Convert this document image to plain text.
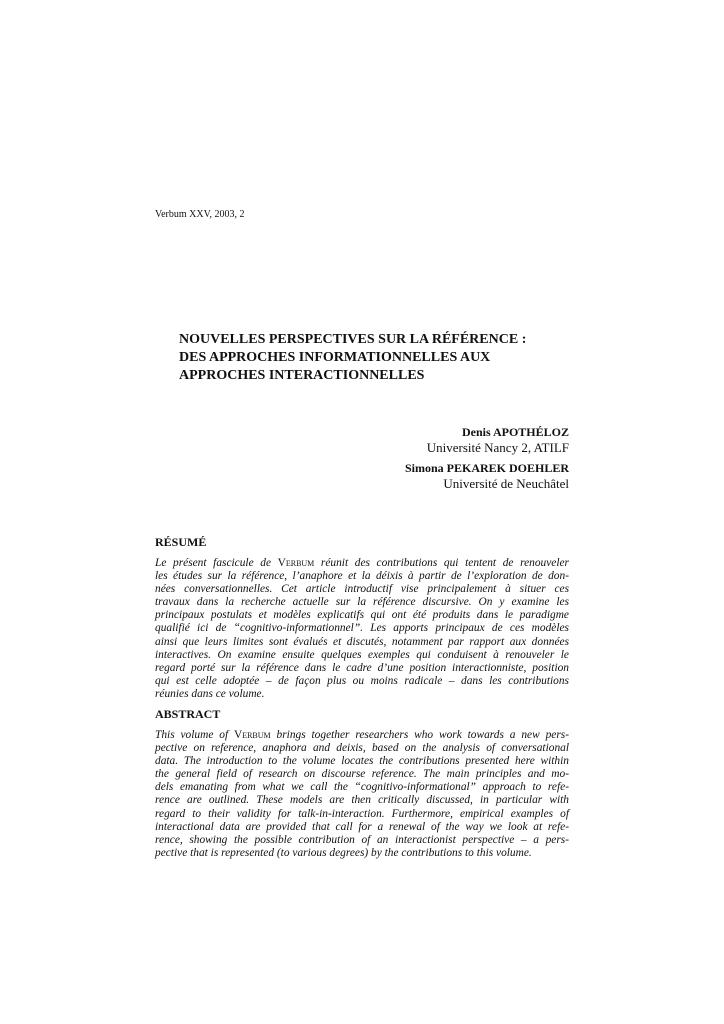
Verbum XXV, 2003, 2
NOUVELLES PERSPECTIVES SUR LA RÉFÉRENCE :
DES APPROCHES INFORMATIONNELLES AUX
APPROCHES INTERACTIONNELLES
Denis APOTHÉLOZ
Université Nancy 2, ATILF
Simona PEKAREK DOEHLER
Université de Neuchâtel
RÉSUMÉ
Le présent fascicule de Verbum réunit des contributions qui tentent de renouveler
les études sur la référence, l’anaphore et la déixis à partir de l’exploration de don-
nées conversationnelles. Cet article introductif vise principalement à situer ces
travaux dans la recherche actuelle sur la référence discursive. On y examine les
principaux postulats et modèles explicatifs qui ont été produits dans le paradigme
qualifié ici de “cognitivo-informationnel”. Les apports principaux de ces modèles
ainsi que leurs limites sont évalués et discutés, notamment par rapport aux données
interactives. On examine ensuite quelques exemples qui conduisent à renouveler le
regard porté sur la référence dans le cadre d’une position interactionniste, position
qui est celle adoptée – de façon plus ou moins radicale – dans les contributions
réunies dans ce volume.
ABSTRACT
This volume of Verbum brings together researchers who work towards a new pers-
pective on reference, anaphora and deixis, based on the analysis of conversational
data. The introduction to the volume locates the contributions presented here within
the general field of research on discourse reference. The main principles and mo-
dels emanating from what we call the “cognitivo-informational” approach to refe-
rence are outlined. These models are then critically discussed, in particular with
regard to their validity for talk-in-interaction. Furthermore, empirical examples of
interactional data are provided that call for a renewal of the way we look at refe-
rence, showing the possible contribution of an interactionist perspective – a pers-
pective that is represented (to various degrees) by the contributions to this volume.
